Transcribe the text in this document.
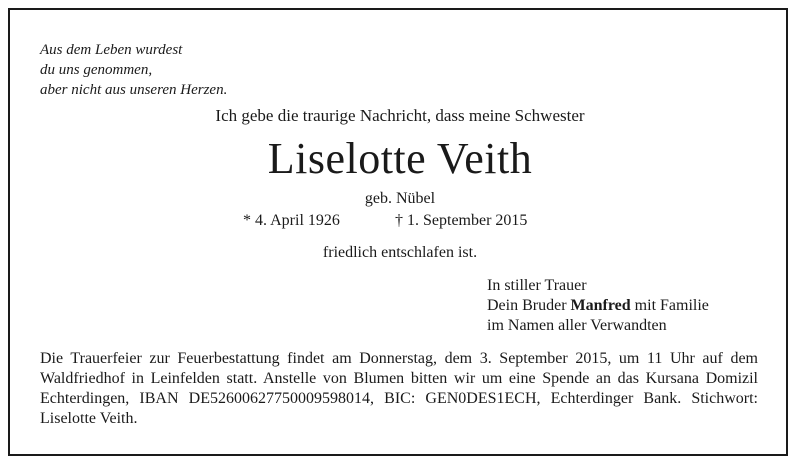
Aus dem Leben wurdest
du uns genommen,
aber nicht aus unseren Herzen.
Ich gebe die traurige Nachricht, dass meine Schwester
Liselotte Veith
geb. Nübel
* 4. April 1926	† 1. September 2015
friedlich entschlafen ist.
In stiller Trauer
Dein Bruder Manfred mit Familie
im Namen aller Verwandten
Die Trauerfeier zur Feuerbestattung findet am Donnerstag, dem 3. September 2015, um 11 Uhr auf dem Waldfriedhof in Leinfelden statt. Anstelle von Blumen bitten wir um eine Spende an das Kursana Domizil Echterdingen, IBAN DE52600627750009598014, BIC: GEN0DES1ECH, Echterdinger Bank. Stichwort: Liselotte Veith.
